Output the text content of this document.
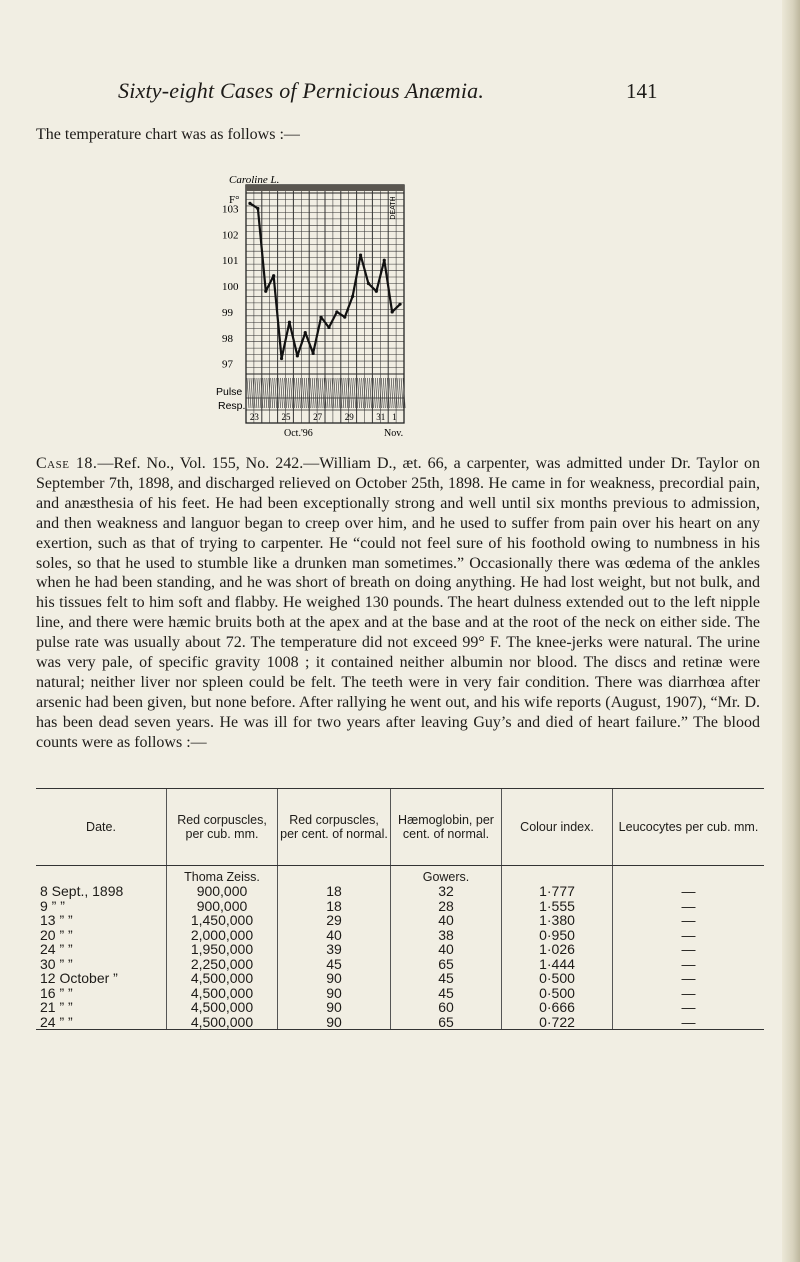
Sixty-eight Cases of Pernicious Anæmia.	141
The temperature chart was as follows :—
Caroline L.
F°
103
102
101
100
99
98
97
Pulse
Resp.
DEATH
23	25	27	29	31 1
Oct.'96	Nov.
Case 18.—Ref. No., Vol. 155, No. 242.—William D., æt. 66, a carpenter, was admitted under Dr. Taylor on September 7th, 1898, and discharged relieved on October 25th, 1898. He came in for weakness, precordial pain, and anæsthesia of his feet. He had been exceptionally strong and well until six months previous to admission, and then weakness and languor began to creep over him, and he used to suffer from pain over his heart on any exertion, such as that of trying to carpenter. He “could not feel sure of his foothold owing to numbness in his soles, so that he used to stumble like a drunken man sometimes.” Occasionally there was œdema of the ankles when he had been standing, and he was short of breath on doing anything. He had lost weight, but not bulk, and his tissues felt to him soft and flabby. He weighed 130 pounds. The heart dulness extended out to the left nipple line, and there were hæmic bruits both at the apex and at the base and at the root of the neck on either side. The pulse rate was usually about 72. The temperature did not exceed 99° F. The knee-jerks were natural. The urine was very pale, of specific gravity 1008 ; it contained neither albumin nor blood. The discs and retinæ were natural; neither liver nor spleen could be felt. The teeth were in very fair condition. There was diarrhœa after arsenic had been given, but none before. After rallying he went out, and his wife reports (August, 1907), “Mr. D. has been dead seven years. He was ill for two years after leaving Guy’s and died of heart failure.” The blood counts were as follows :—
Date.	Red corpuscles, per cub. mm.	Red corpuscles, per cent. of normal.	Hæmoglobin, per cent. of normal.	Colour index.	Leucocytes per cub. mm.
	Thoma Zeiss.		Gowers.		
8 Sept., 1898	900,000	18	32	1·777	—
9 ” ”	900,000	18	28	1·555	—
13 ” ”	1,450,000	29	40	1·380	—
20 ” ”	2,000,000	40	38	0·950	—
24 ” ”	1,950,000	39	40	1·026	—
30 ” ”	2,250,000	45	65	1·444	—
12 October ”	4,500,000	90	45	0·500	—
16 ” ”	4,500,000	90	45	0·500	—
21 ” ”	4,500,000	90	60	0·666	—
24 ” ”	4,500,000	90	65	0·722	—
